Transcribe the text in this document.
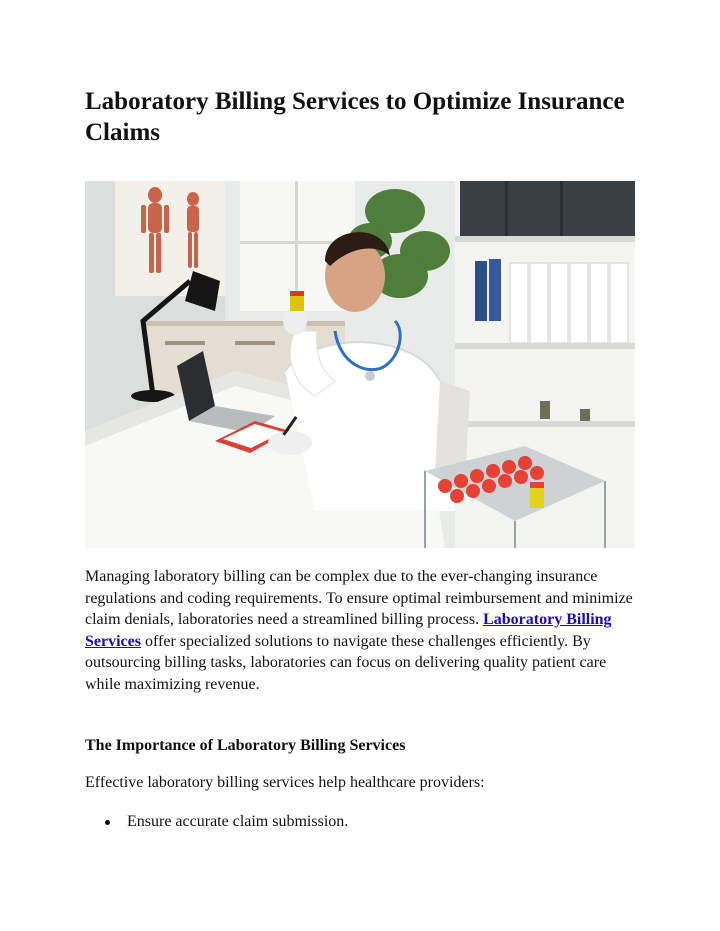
Laboratory Billing Services to Optimize Insurance Claims

Managing laboratory billing can be complex due to the ever-changing insurance regulations and coding requirements. To ensure optimal reimbursement and minimize claim denials, laboratories need a streamlined billing process. Laboratory Billing Services offer specialized solutions to navigate these challenges efficiently. By outsourcing billing tasks, laboratories can focus on delivering quality patient care while maximizing revenue.

The Importance of Laboratory Billing Services

Effective laboratory billing services help healthcare providers:

Ensure accurate claim submission.
